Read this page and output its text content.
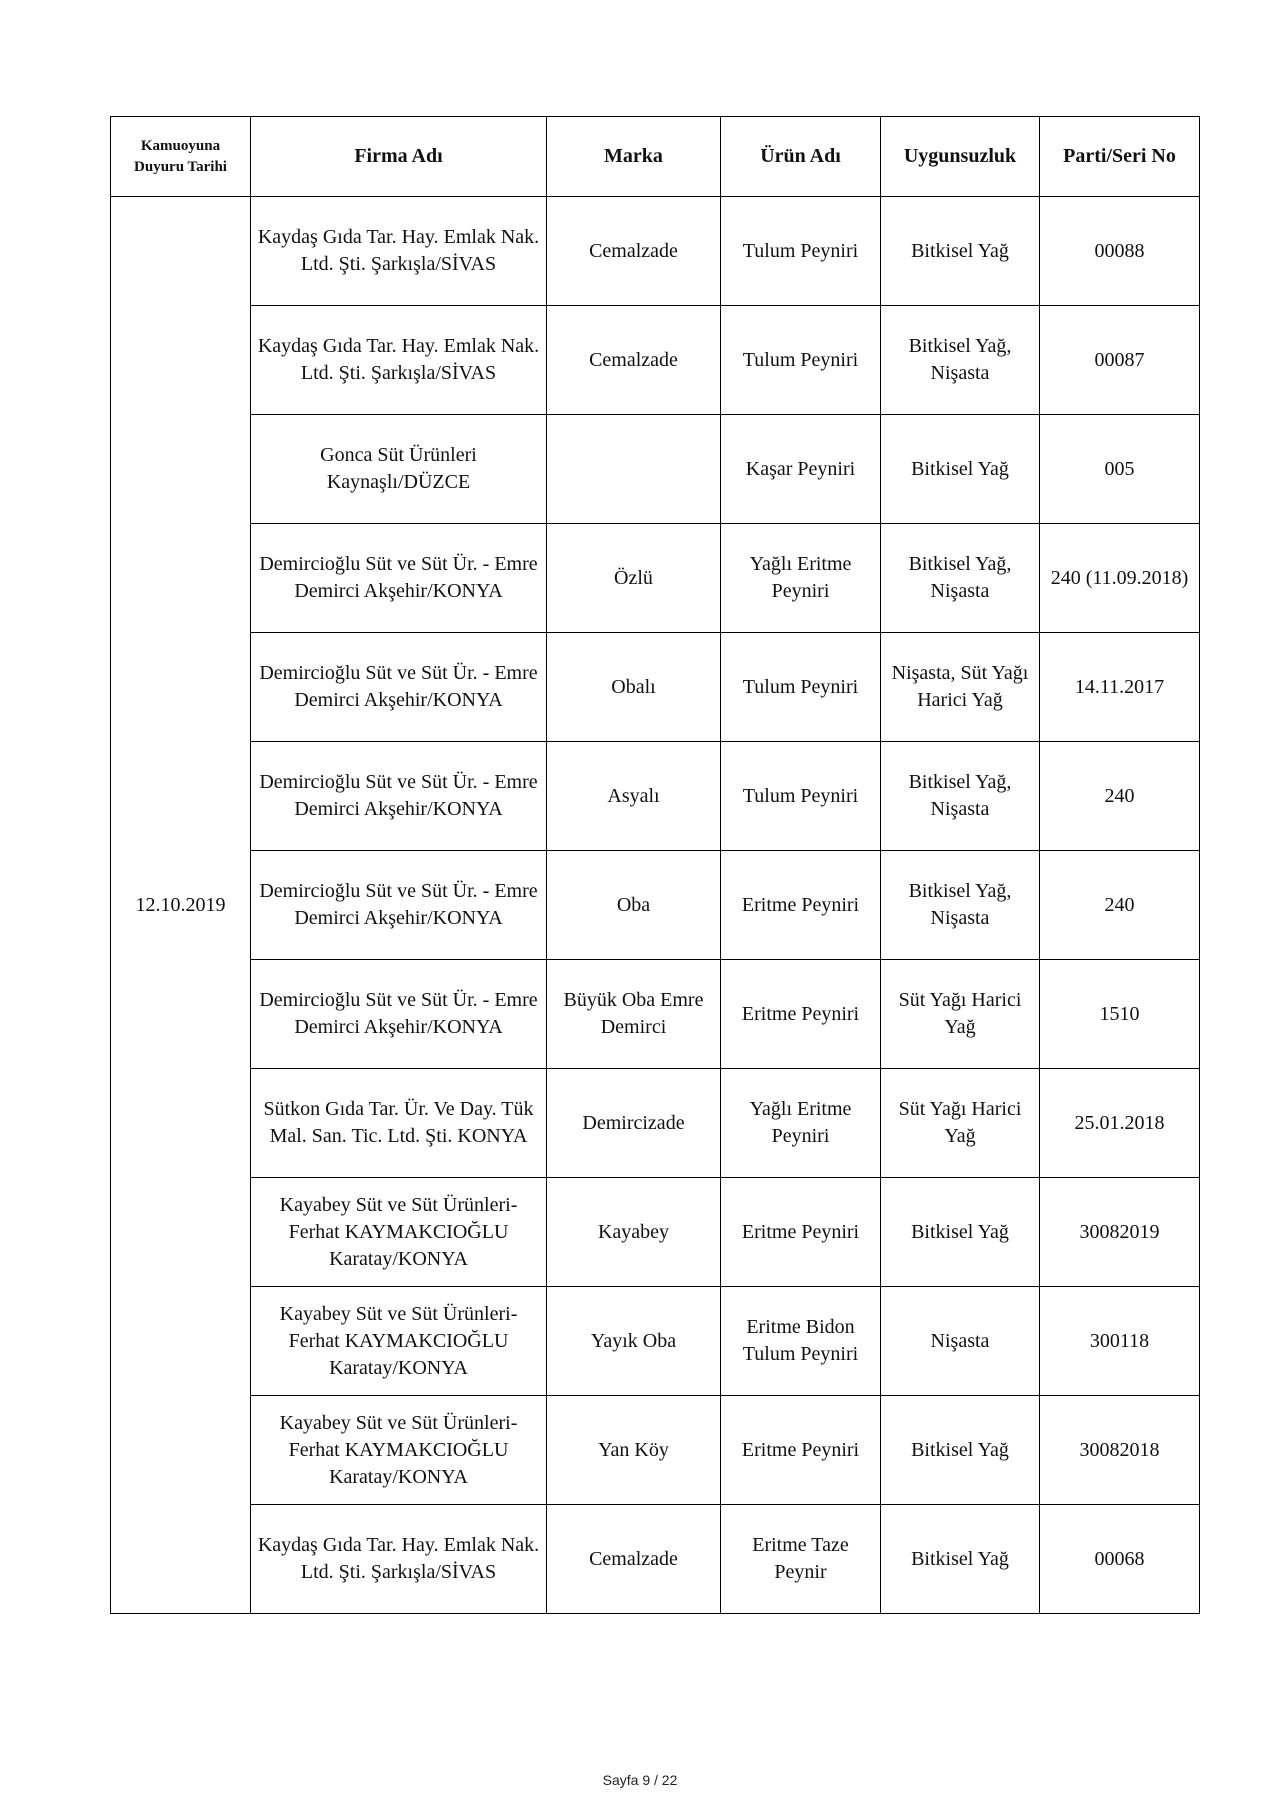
Kamuoyuna Duyuru Tarihi	Firma Adı	Marka	Ürün Adı	Uygunsuzluk	Parti/Seri No
12.10.2019	Kaydaş Gıda Tar. Hay. Emlak Nak. Ltd. Şti. Şarkışla/SİVAS	Cemalzade	Tulum Peyniri	Bitkisel Yağ	00088
	Kaydaş Gıda Tar. Hay. Emlak Nak. Ltd. Şti. Şarkışla/SİVAS	Cemalzade	Tulum Peyniri	Bitkisel Yağ, Nişasta	00087
	Gonca Süt Ürünleri Kaynaşlı/DÜZCE		Kaşar Peyniri	Bitkisel Yağ	005
	Demircioğlu Süt ve Süt Ür. - Emre Demirci Akşehir/KONYA	Özlü	Yağlı Eritme Peyniri	Bitkisel Yağ, Nişasta	240 (11.09.2018)
	Demircioğlu Süt ve Süt Ür. - Emre Demirci Akşehir/KONYA	Obalı	Tulum Peyniri	Nişasta, Süt Yağı Harici Yağ	14.11.2017
	Demircioğlu Süt ve Süt Ür. - Emre Demirci Akşehir/KONYA	Asyalı	Tulum Peyniri	Bitkisel Yağ, Nişasta	240
	Demircioğlu Süt ve Süt Ür. - Emre Demirci Akşehir/KONYA	Oba	Eritme Peyniri	Bitkisel Yağ, Nişasta	240
	Demircioğlu Süt ve Süt Ür. - Emre Demirci Akşehir/KONYA	Büyük Oba Emre Demirci	Eritme Peyniri	Süt Yağı Harici Yağ	1510
	Sütkon Gıda Tar. Ür. Ve Day. Tük Mal. San. Tic. Ltd. Şti. KONYA	Demircizade	Yağlı Eritme Peyniri	Süt Yağı Harici Yağ	25.01.2018
	Kayabey Süt ve Süt Ürünleri-Ferhat KAYMAKCIOĞLU Karatay/KONYA	Kayabey	Eritme Peyniri	Bitkisel Yağ	30082019
	Kayabey Süt ve Süt Ürünleri-Ferhat KAYMAKCIOĞLU Karatay/KONYA	Yayık Oba	Eritme Bidon Tulum Peyniri	Nişasta	300118
	Kayabey Süt ve Süt Ürünleri-Ferhat KAYMAKCIOĞLU Karatay/KONYA	Yan Köy	Eritme Peyniri	Bitkisel Yağ	30082018
	Kaydaş Gıda Tar. Hay. Emlak Nak. Ltd. Şti. Şarkışla/SİVAS	Cemalzade	Eritme Taze Peynir	Bitkisel Yağ	00068
Sayfa 9 / 22
